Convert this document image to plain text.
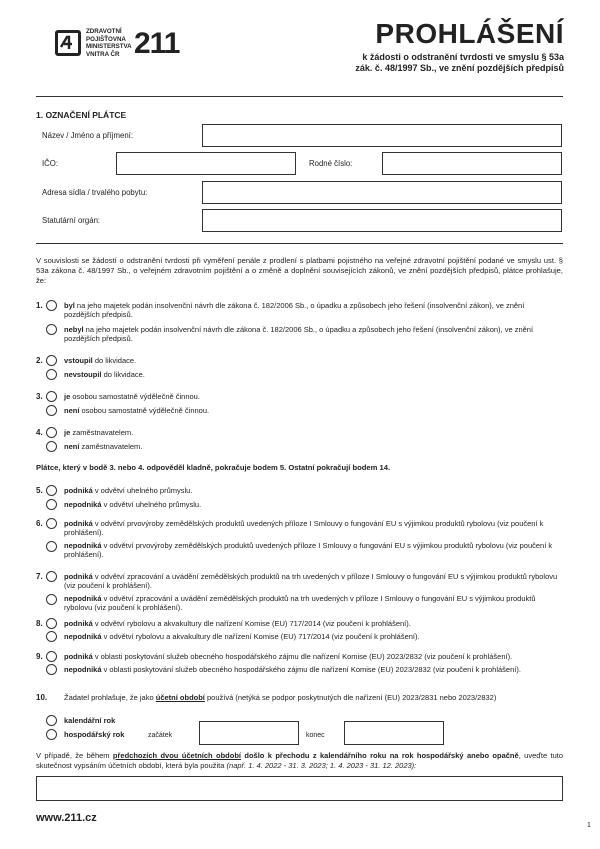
ZDRAVOTNÍ
POJIŠŤOVNA
MINISTERSTVA
VNITRA ČR 211	PROHLÁŠENÍ
k žádosti o odstranění tvrdosti ve smyslu § 53a
zák. č. 48/1997 Sb., ve znění pozdějších předpisů
1. OZNAČENÍ PLÁTCE
Název / Jméno a příjmení:
IČO:	Rodné číslo:
Adresa sídla / trvalého pobytu:
Statutární orgán:
V souvislosti se žádostí o odstranění tvrdosti při vyměření penále z prodlení s platbami pojistného na veřejné zdravotní pojištění podané ve smyslu ust. § 53a zákona č. 48/1997 Sb., o veřejném zdravotním pojištění a o změně a doplnění souvisejících zákonů, ve znění pozdějších předpisů, plátce prohlašuje, že:
1.	byl na jeho majetek podán insolvenční návrh dle zákona č. 182/2006 Sb., o úpadku a způsobech jeho řešení (insolvenční zákon), ve znění pozdějších předpisů.
nebyl na jeho majetek podán insolvenční návrh dle zákona č. 182/2006 Sb., o úpadku a způsobech jeho řešení (insolvenční zákon), ve znění pozdějších předpisů.
2.	vstoupil do likvidace.
nevstoupil do likvidace.
3.	je osobou samostatně výdělečně činnou.
není osobou samostatně výdělečně činnou.
4.	je zaměstnavatelem.
není zaměstnavatelem.
Plátce, který v bodě 3. nebo 4. odpověděl kladně, pokračuje bodem 5. Ostatní pokračují bodem 14.
5.	podniká v odvětví uhelného průmyslu.
nepodniká v odvětví uhelného průmyslu.
6.	podniká v odvětví prvovýroby zemědělských produktů uvedených příloze I Smlouvy o fungování EU s výjimkou produktů rybolovu (viz poučení k prohlášení).
nepodniká v odvětví prvovýroby zemědělských produktů uvedených příloze I Smlouvy o fungování EU s výjimkou produktů rybolovu (viz poučení k prohlášení).
7.	podniká v odvětví zpracování a uvádění zemědělských produktů na trh uvedených v příloze I Smlouvy o fungování EU s výjimkou produktů rybolovu (viz poučení k prohlášení).
nepodniká v odvětví zpracování a uvádění zemědělských produktů na trh uvedených v příloze I Smlouvy o fungování EU s výjimkou produktů rybolovu (viz poučení k prohlášení).
8.	podniká v odvětví rybolovu a akvakultury dle nařízení Komise (EU) 717/2014 (viz poučení k prohlášení).
nepodniká v odvětví rybolovu a akvakultury dle nařízení Komise (EU) 717/2014 (viz poučení k prohlášení).
9.	podniká v oblasti poskytování služeb obecného hospodářského zájmu dle nařízení Komise (EU) 2023/2832 (viz poučení k prohlášení).
nepodniká v oblasti poskytování služeb obecného hospodářského zájmu dle nařízení Komise (EU) 2023/2832 (viz poučení k prohlášení).
10. Žadatel prohlašuje, že jako účetní období používá (netýká se podpor poskytnutých dle nařízení (EU) 2023/2831 nebo 2023/2832)
kalendářní rok
hospodářský rok	začátek	konec
V případě, že během předchozích dvou účetních období došlo k přechodu z kalendářního roku na rok hospodářský anebo opačně, uveďte tuto skutečnost vypsáním účetních období, která byla použita (např. 1. 4. 2022 - 31. 3. 2023; 1. 4. 2023 - 31. 12. 2023):
www.211.cz
1
